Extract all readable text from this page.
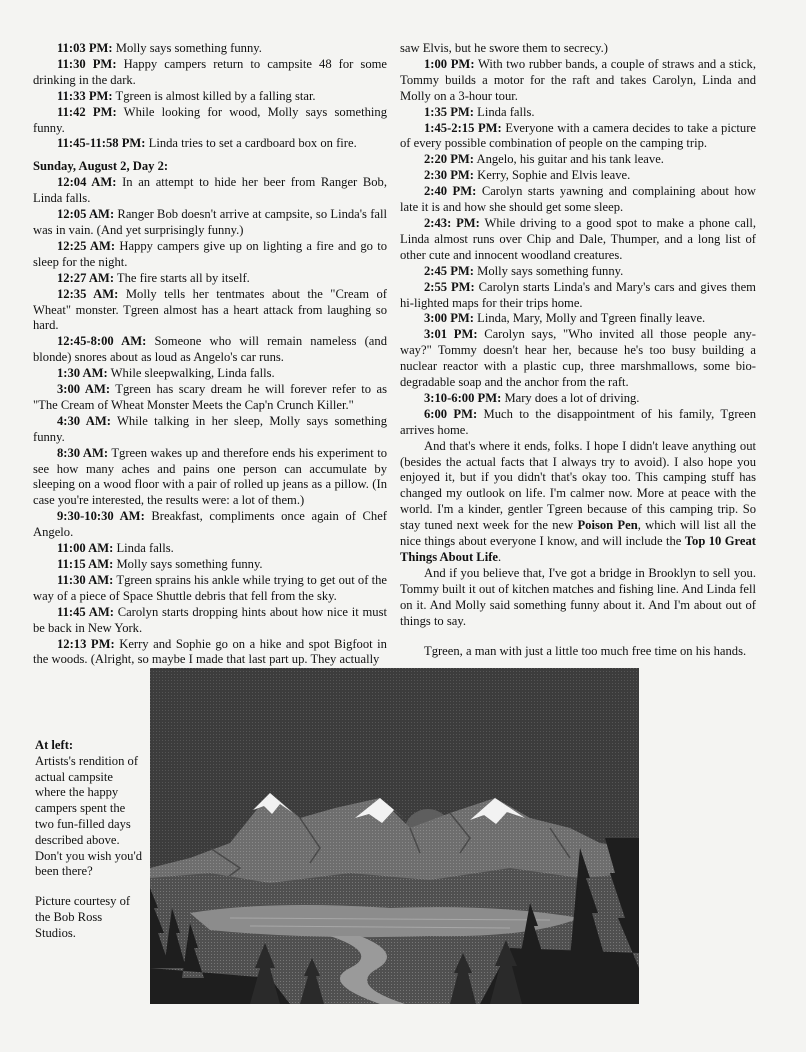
11:03 PM: Molly says something funny.

11:30 PM: Happy campers return to campsite 48 for some drinking in the dark.

11:33 PM: Tgreen is almost killed by a falling star.

11:42 PM: While looking for wood, Molly says something funny.

11:45-11:58 PM: Linda tries to set a cardboard box on fire.

Sunday, August 2, Day 2:

12:04 AM: In an attempt to hide her beer from Ranger Bob, Linda falls.

12:05 AM: Ranger Bob doesn't arrive at campsite, so Linda's fall was in vain. (And yet surprisingly funny.)

12:25 AM: Happy campers give up on lighting a fire and go to sleep for the night.

12:27 AM: The fire starts all by itself.

12:35 AM: Molly tells her tentmates about the "Cream of Wheat" monster. Tgreen almost has a heart attack from laughing so hard.

12:45-8:00 AM: Someone who will remain nameless (and blonde) snores about as loud as Angelo's car runs.

1:30 AM: While sleepwalking, Linda falls.

3:00 AM: Tgreen has scary dream he will forever refer to as "The Cream of Wheat Monster Meets the Cap'n Crunch Killer."

4:30 AM: While talking in her sleep, Molly says something funny.

8:30 AM: Tgreen wakes up and therefore ends his experiment to see how many aches and pains one person can accumulate by sleeping on a wood floor with a pair of rolled up jeans as a pillow. (In case you're interested, the results were: a lot of them.)

9:30-10:30 AM: Breakfast, compliments once again of Chef Angelo.

11:00 AM: Linda falls.

11:15 AM: Molly says something funny.

11:30 AM: Tgreen sprains his ankle while trying to get out of the way of a piece of Space Shuttle debris that fell from the sky.

11:45 AM: Carolyn starts dropping hints about how nice it must be back in New York.

12:13 PM: Kerry and Sophie go on a hike and spot Bigfoot in the woods. (Alright, so maybe I made that last part up. They actually

saw Elvis, but he swore them to secrecy.)

1:00 PM: With two rubber bands, a couple of straws and a stick, Tommy builds a motor for the raft and takes Carolyn, Linda and Molly on a 3-hour tour.

1:35 PM: Linda falls.

1:45-2:15 PM: Everyone with a camera decides to take a picture of every possible combination of people on the camping trip.

2:20 PM: Angelo, his guitar and his tank leave.

2:30 PM: Kerry, Sophie and Elvis leave.

2:40 PM: Carolyn starts yawning and complaining about how late it is and how she should get some sleep.

2:43: PM: While driving to a good spot to make a phone call, Linda almost runs over Chip and Dale, Thumper, and a long list of other cute and innocent woodland creatures.

2:45 PM: Molly says something funny.

2:55 PM: Carolyn starts Linda's and Mary's cars and gives them hi-lighted maps for their trips home.

3:00 PM: Linda, Mary, Molly and Tgreen finally leave.

3:01 PM: Carolyn says, "Who invited all those people any-way?" Tommy doesn't hear her, because he's too busy building a nuclear reactor with a plastic cup, three marshmallows, some bio-degradable soap and the anchor from the raft.

3:10-6:00 PM: Mary does a lot of driving.

6:00 PM: Much to the disappointment of his family, Tgreen arrives home.

And that's where it ends, folks. I hope I didn't leave anything out (besides the actual facts that I always try to avoid). I also hope you enjoyed it, but if you didn't that's okay too. This camping stuff has changed my outlook on life. I'm calmer now. More at peace with the world. I'm a kinder, gentler Tgreen because of this camping trip. So stay tuned next week for the new Poison Pen, which will list all the nice things about everyone I know, and will include the Top 10 Great Things About Life.

And if you believe that, I've got a bridge in Brooklyn to sell you. Tommy built it out of kitchen matches and fishing line. And Linda fell on it. And Molly said something funny about it. And I'm about out of things to say.

Tgreen, a man with just a little too much free time on his hands.

At left:
Artists's rendition of actual campsite where the happy campers spent the two fun-filled days described above. Don't you wish you'd been there?

Picture courtesy of the Bob Ross Studios.
